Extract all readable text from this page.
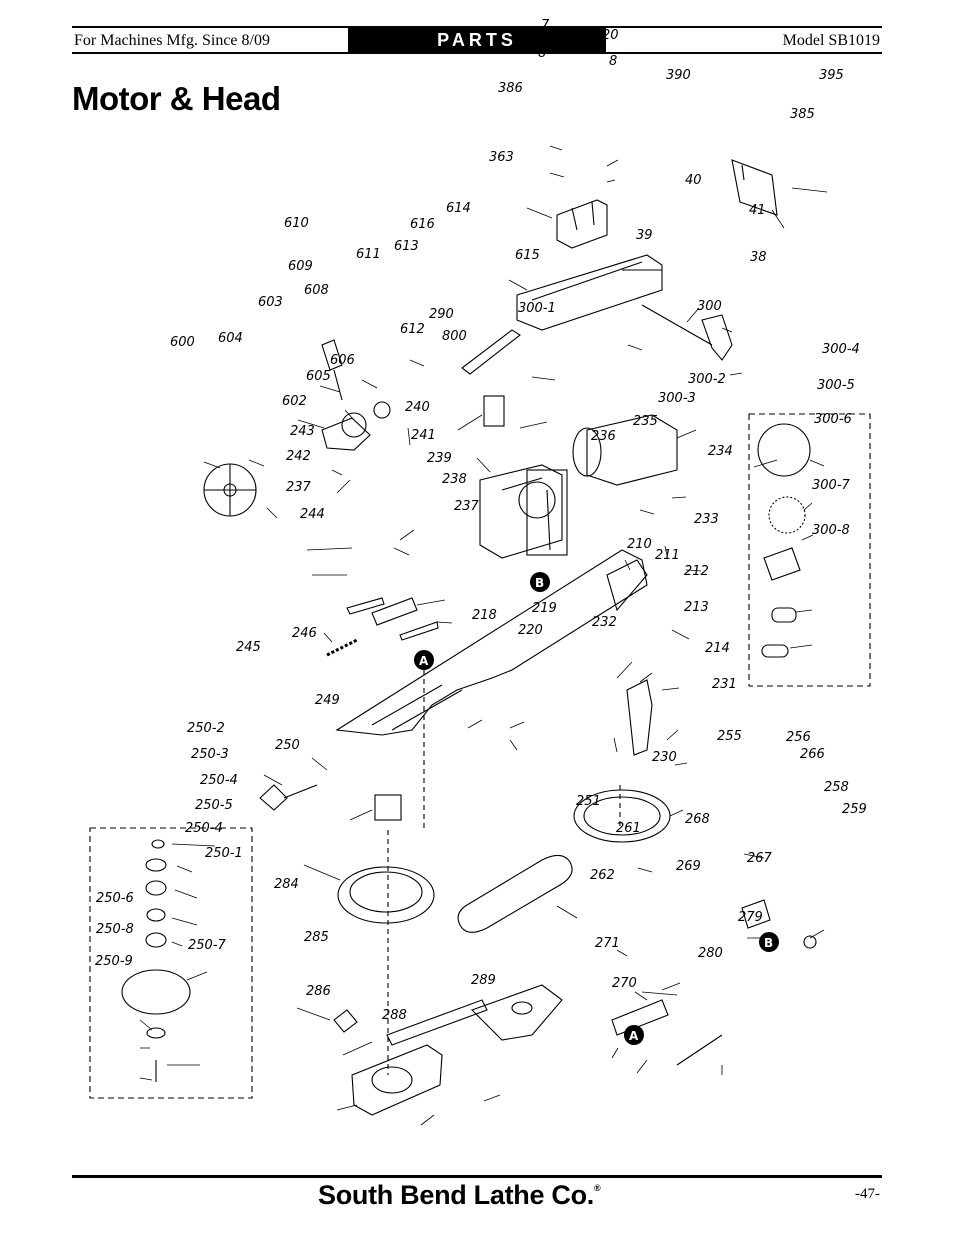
For Machines Mfg. Since 8/09	PARTS	Model SB1019
Motor & Head
B
A
B
A
7
20
8
8
390	395
386
385
363
40
41
39
38
610	616
614
611
613
609
608
615
603
612
290	300-1	300
600 604
606
605
602
800
300-4
300-2
300-3
300-5
240
241
243
239
242
238
237
237
244
236
235
234
300-6
233
300-7
300-8
210
211
212
218	219
220
213
214
232
231
246
245
249
250-2
250-3
250-4
250-5
250-4
250-1
250-6
250-8
250-7
250-9
250
255	256
266
230
251
258
259
268
267
261
262
269
279
284
285	271
270
280
289
286
288
South Bend Lathe Co.®	-47-
